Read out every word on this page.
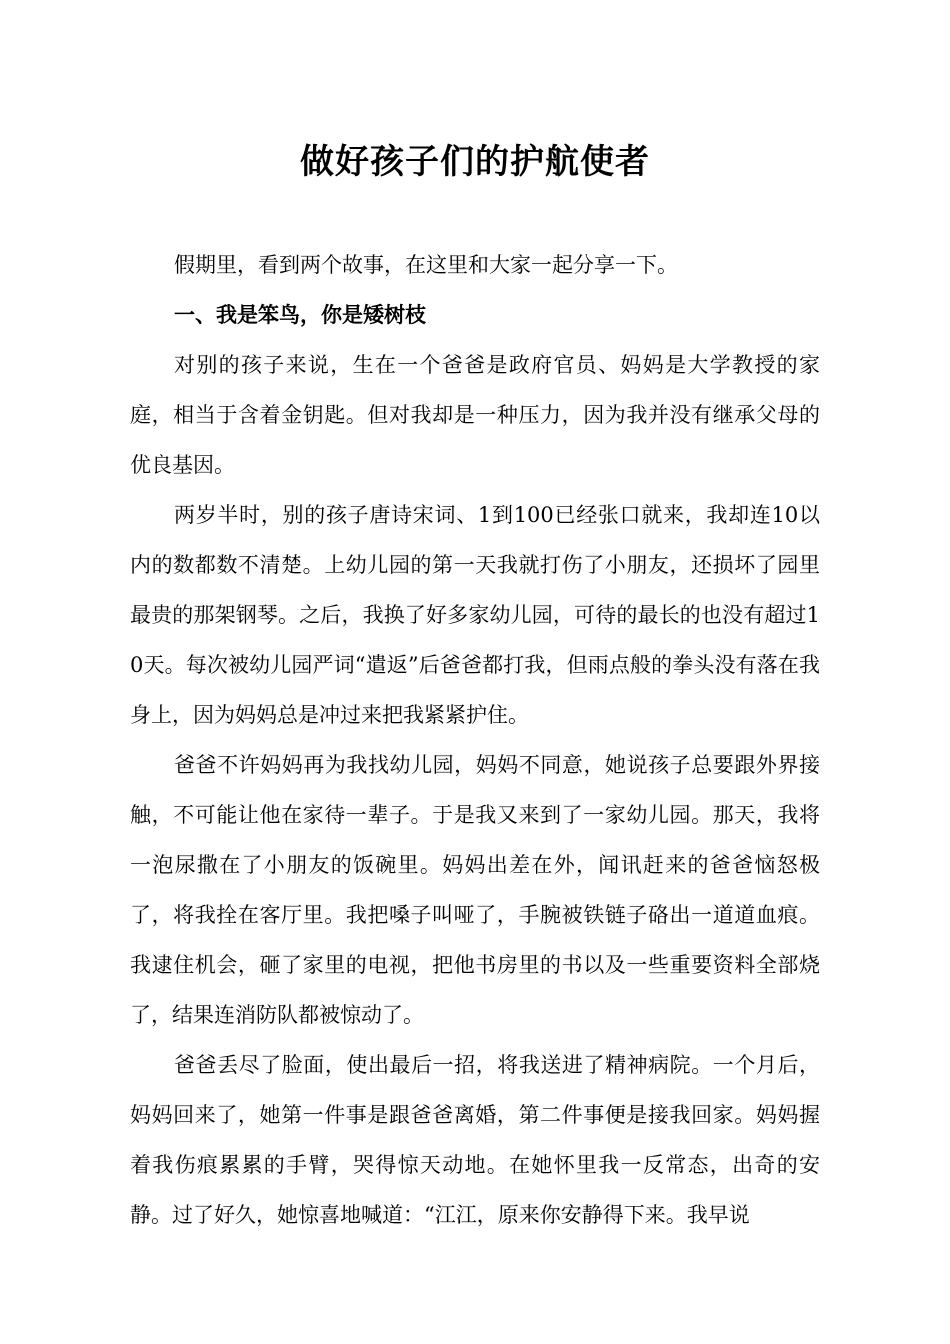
做好孩子们的护航使者

假期里，看到两个故事，在这里和大家一起分享一下。

一、我是笨鸟，你是矮树枝

对别的孩子来说，生在一个爸爸是政府官员、妈妈是大学教授的家庭，相当于含着金钥匙。但对我却是一种压力，因为我并没有继承父母的优良基因。

两岁半时，别的孩子唐诗宋词、1到100已经张口就来，我却连10以内的数都数不清楚。上幼儿园的第一天我就打伤了小朋友，还损坏了园里最贵的那架钢琴。之后，我换了好多家幼儿园，可待的最长的也没有超过10天。每次被幼儿园严词“遣返”后爸爸都打我，但雨点般的拳头没有落在我身上，因为妈妈总是冲过来把我紧紧护住。

爸爸不许妈妈再为我找幼儿园，妈妈不同意，她说孩子总要跟外界接触，不可能让他在家待一辈子。于是我又来到了一家幼儿园。那天，我将一泡尿撒在了小朋友的饭碗里。妈妈出差在外，闻讯赶来的爸爸恼怒极了，将我拴在客厅里。我把嗓子叫哑了，手腕被铁链子硌出一道道血痕。我逮住机会，砸了家里的电视，把他书房里的书以及一些重要资料全部烧了，结果连消防队都被惊动了。

爸爸丢尽了脸面，使出最后一招，将我送进了精神病院。一个月后，妈妈回来了，她第一件事是跟爸爸离婚，第二件事便是接我回家。妈妈握着我伤痕累累的手臂，哭得惊天动地。在她怀里我一反常态，出奇的安静。过了好久，她惊喜地喊道：“江江，原来你安静得下来。我早说
